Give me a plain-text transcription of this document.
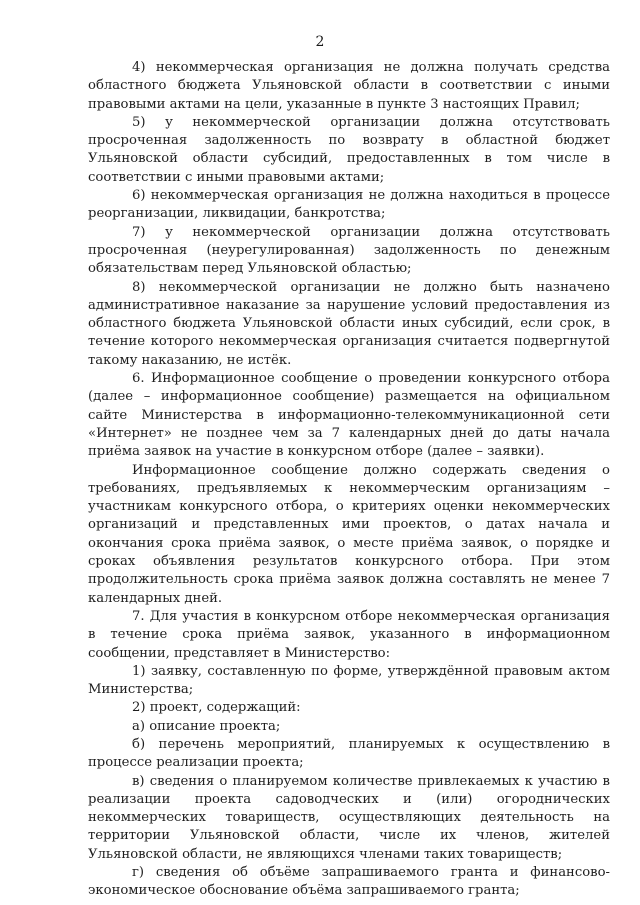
2

4) некоммерческая организация не должна получать средства областного бюджета Ульяновской области в соответствии с иными правовыми актами на цели, указанные в пункте 3 настоящих Правил;

5) у некоммерческой организации должна отсутствовать просроченная задолженность по возврату в областной бюджет Ульяновской области субсидий, предоставленных в том числе в соответствии с иными правовыми актами;

6) некоммерческая организация не должна находиться в процессе реорганизации, ликвидации, банкротства;

7) у некоммерческой организации должна отсутствовать просроченная (неурегулированная) задолженность по денежным обязательствам перед Ульяновской областью;

8) некоммерческой организации не должно быть назначено административное наказание за нарушение условий предоставления из областного бюджета Ульяновской области иных субсидий, если срок, в течение которого некоммерческая организация считается подвергнутой такому наказанию, не истёк.

6. Информационное сообщение о проведении конкурсного отбора (далее – информационное сообщение) размещается на официальном сайте Министерства в информационно-телекоммуникационной сети «Интернет» не позднее чем за 7 календарных дней до даты начала приёма заявок на участие в конкурсном отборе (далее – заявки).

Информационное сообщение должно содержать сведения о требованиях, предъявляемых к некоммерческим организациям – участникам конкурсного отбора, о критериях оценки некоммерческих организаций и представленных ими проектов, о датах начала и окончания срока приёма заявок, о месте приёма заявок, о порядке и сроках объявления результатов конкурсного отбора. При этом продолжительность срока приёма заявок должна составлять не менее 7 календарных дней.

7. Для участия в конкурсном отборе некоммерческая организация в течение срока приёма заявок, указанного в информационном сообщении, представляет в Министерство:

1) заявку, составленную по форме, утверждённой правовым актом Министерства;

2) проект, содержащий:

а) описание проекта;

б) перечень мероприятий, планируемых к осуществлению в процессе реализации проекта;

в) сведения о планируемом количестве привлекаемых к участию в реализации проекта садоводческих и (или) огороднических некоммерческих товариществ, осуществляющих деятельность на территории Ульяновской области, числе их членов, жителей Ульяновской области, не являющихся членами таких товариществ;

г) сведения об объёме запрашиваемого гранта и финансово-экономическое обоснование объёма запрашиваемого гранта;
